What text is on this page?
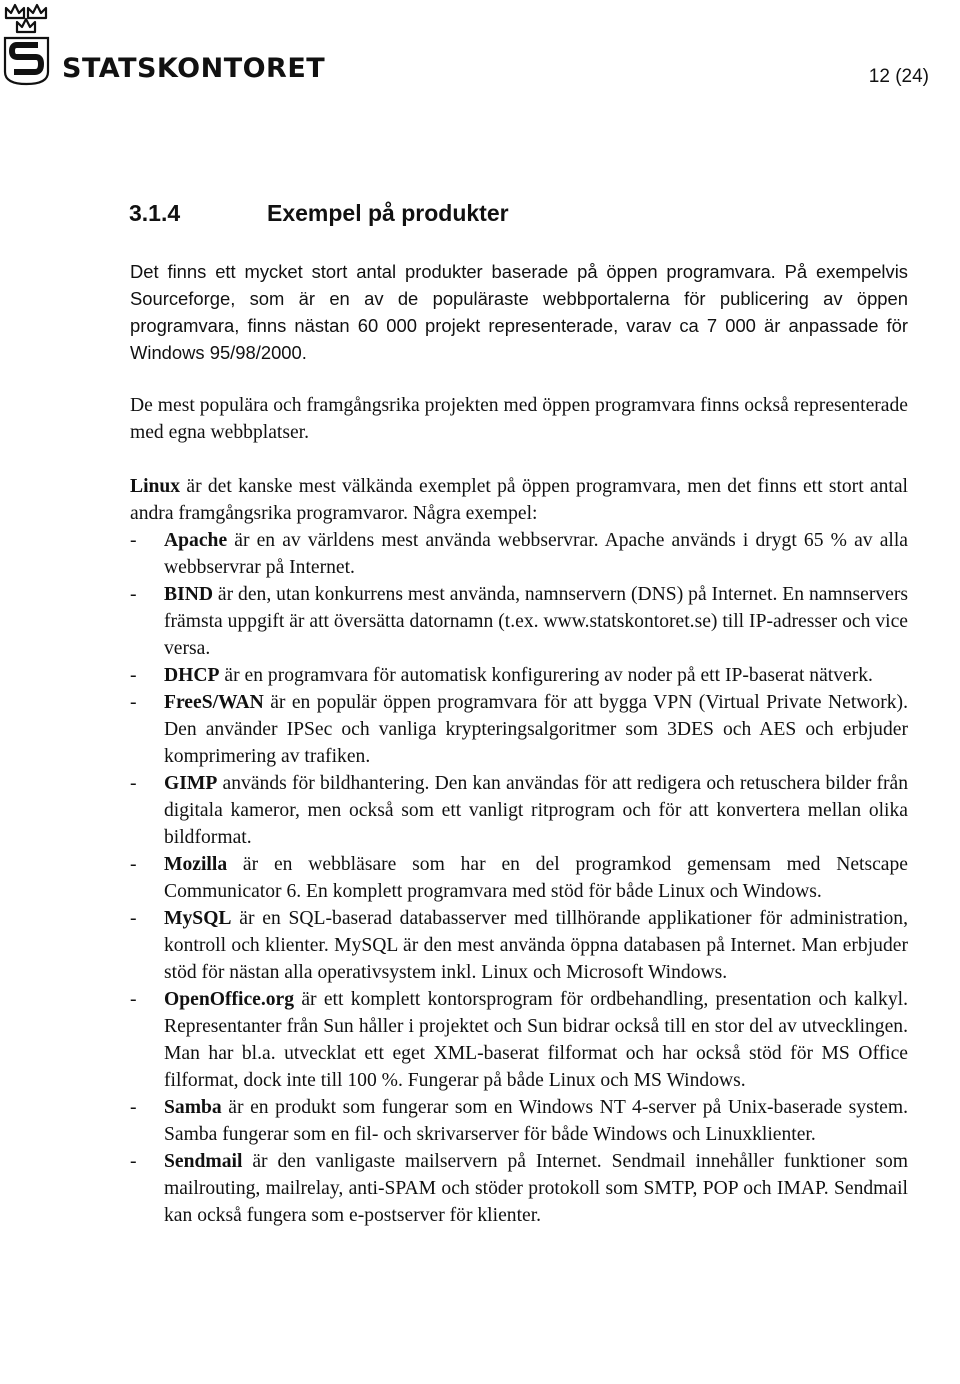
STATSKONTORET	12 (24)
3.1.4	Exempel på produkter

Det finns ett mycket stort antal produkter baserade på öppen programvara. På exempelvis Sourceforge, som är en av de populäraste webbportalerna för publicering av öppen programvara, finns nästan 60 000 projekt representerade, varav ca 7 000 är anpassade för Windows 95/98/2000.

De mest populära och framgångsrika projekten med öppen programvara finns också representerade med egna webbplatser.

Linux är det kanske mest välkända exemplet på öppen programvara, men det finns ett stort antal andra framgångsrika programvaror. Några exempel:

- Apache är en av världens mest använda webbservrar. Apache används i drygt 65 % av alla webbservrar på Internet.
- BIND är den, utan konkurrens mest använda, namnservern (DNS) på Internet. En namnservers främsta uppgift är att översätta datornamn (t.ex. www.statskontoret.se) till IP-adresser och vice versa.
- DHCP är en programvara för automatisk konfigurering av noder på ett IP-baserat nätverk.
- FreeS/WAN är en populär öppen programvara för att bygga VPN (Virtual Private Network). Den använder IPSec och vanliga krypteringsalgoritmer som 3DES och AES och erbjuder komprimering av trafiken.
- GIMP används för bildhantering. Den kan användas för att redigera och retuschera bilder från digitala kameror, men också som ett vanligt ritprogram och för att konvertera mellan olika bildformat.
- Mozilla är en webbläsare som har en del programkod gemensam med Netscape Communicator 6. En komplett programvara med stöd för både Linux och Windows.
- MySQL är en SQL-baserad databasserver med tillhörande applikationer för administration, kontroll och klienter. MySQL är den mest använda öppna databasen på Internet. Man erbjuder stöd för nästan alla operativsystem inkl. Linux och Microsoft Windows.
- OpenOffice.org är ett komplett kontorsprogram för ordbehandling, presentation och kalkyl. Representanter från Sun håller i projektet och Sun bidrar också till en stor del av utvecklingen. Man har bl.a. utvecklat ett eget XML-baserat filformat och har också stöd för MS Office filformat, dock inte till 100 %. Fungerar på både Linux och MS Windows.
- Samba är en produkt som fungerar som en Windows NT 4-server på Unix-baserade system. Samba fungerar som en fil- och skrivarserver för både Windows och Linuxklienter.
- Sendmail är den vanligaste mailservern på Internet. Sendmail innehåller funktioner som mailrouting, mailrelay, anti-SPAM och stöder protokoll som SMTP, POP och IMAP. Sendmail kan också fungera som e-postserver för klienter.
